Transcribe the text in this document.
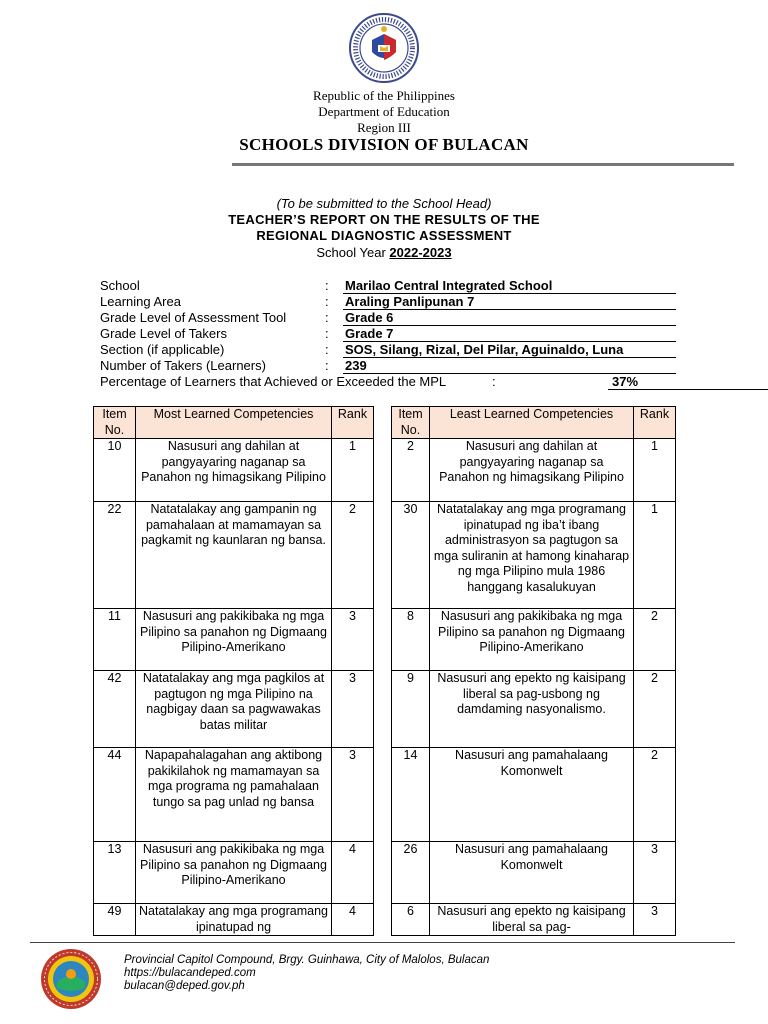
Republic of the Philippines
Department of Education
Region III
SCHOOLS DIVISION OF BULACAN
(To be submitted to the School Head)
TEACHER’S REPORT ON THE RESULTS OF THE
REGIONAL DIAGNOSTIC ASSESSMENT
School Year 2022-2023
School	: Marilao Central Integrated School
Learning Area	: Araling Panlipunan 7
Grade Level of Assessment Tool	: Grade 6
Grade Level of Takers	: Grade 7
Section (if applicable)	: SOS, Silang, Rizal, Del Pilar, Aguinaldo, Luna
Number of Takers (Learners)	: 239
Percentage of Learners that Achieved or Exceeded the MPL	:	37%
Item No.	Most Learned Competencies	Rank
10	Nasusuri ang dahilan at pangyayaring naganap sa Panahon ng himagsikang Pilipino	1
22	Natatalakay ang gampanin ng pamahalaan at mamamayan sa pagkamit ng kaunlaran ng bansa.	2
11	Nasusuri ang pakikibaka ng mga Pilipino sa panahon ng Digmaang Pilipino-Amerikano	3
42	Natatalakay ang mga pagkilos at pagtugon ng mga Pilipino na nagbigay daan sa pagwawakas batas militar	3
44	Napapahalagahan ang aktibong pakikilahok ng mamamayan sa mga programa ng pamahalaan tungo sa pag unlad ng bansa	3
13	Nasusuri ang pakikibaka ng mga Pilipino sa panahon ng Digmaang Pilipino-Amerikano	4
49	Natatalakay ang mga programang ipinatupad ng	4
Item No.	Least Learned Competencies	Rank
2	Nasusuri ang dahilan at pangyayaring naganap sa Panahon ng himagsikang Pilipino	1
30	Natatalakay ang mga programang ipinatupad ng iba’t ibang administrasyon sa pagtugon sa mga suliranin at hamong kinaharap ng mga Pilipino mula 1986 hanggang kasalukuyan	1
8	Nasusuri ang pakikibaka ng mga Pilipino sa panahon ng Digmaang Pilipino-Amerikano	2
9	Nasusuri ang epekto ng kaisipang liberal sa pag-usbong ng damdaming nasyonalismo.	2
14	Nasusuri ang pamahalaang Komonwelt	2
26	Nasusuri ang pamahalaang Komonwelt	3
6	Nasusuri ang epekto ng kaisipang liberal sa pag-	3
Provincial Capitol Compound, Brgy. Guinhawa, City of Malolos, Bulacan
https://bulacandeped.com
bulacan@deped.gov.ph
